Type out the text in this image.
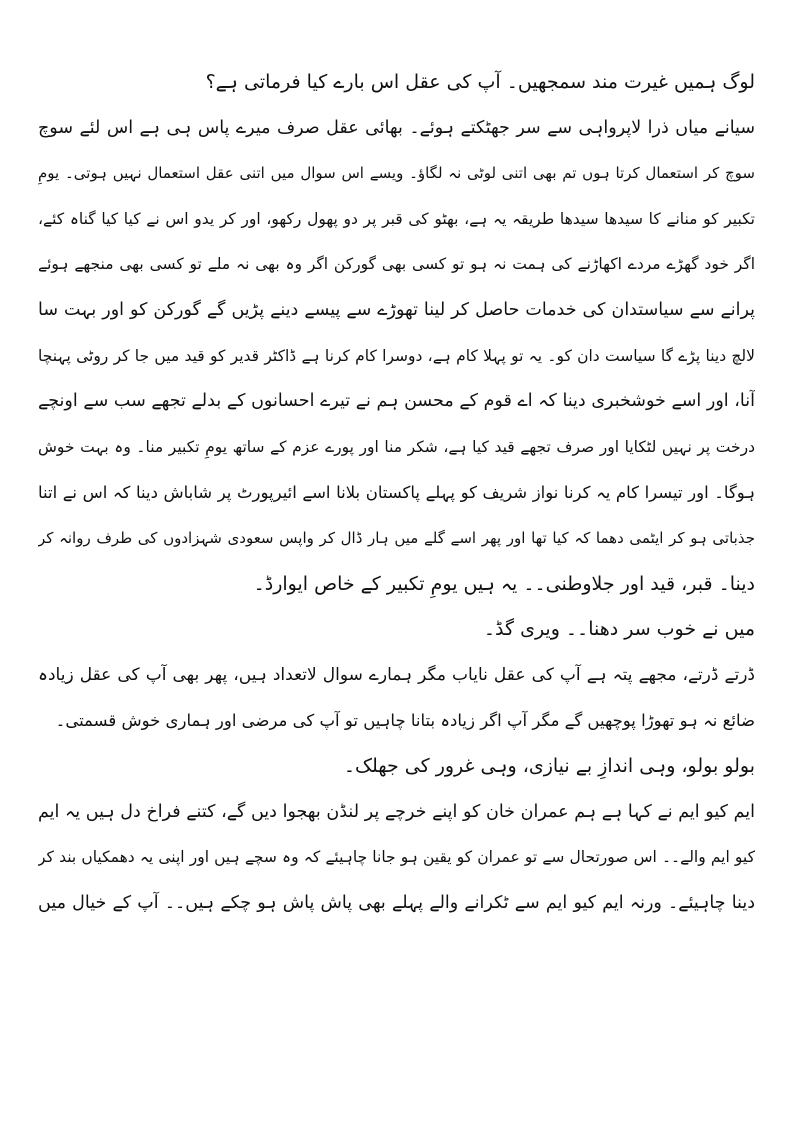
لوگ ہمیں غیرت مند سمجھیں۔ آپ کی عقل اس بارے کیا فرماتی ہے؟
سیانے میاں ذرا لاپرواہی سے سر جھٹکتے ہوئے۔ بھائی عقل صرف میرے پاس ہی ہے اس لئے سوچ
سوچ کر استعمال کرتا ہوں تم بھی اتنی لوٹی نہ لگاؤ۔ ویسے اس سوال میں اتنی عقل استعمال نہیں ہوتی۔ یومِ
تکبیر کو منانے کا سیدھا سیدھا طریقہ یہ ہے، بھٹو کی قبر پر دو پھول رکھو، اور کر یدو اس نے کیا کیا گناہ کئے،
اگر خود گھڑے مردے اکھاڑنے کی ہمت نہ ہو تو کسی بھی گورکن اگر وہ بھی نہ ملے تو کسی بھی منجھے ہوئے
پرانے سے سیاستدان کی خدمات حاصل کر لینا تھوڑے سے پیسے دینے پڑیں گے گورکن کو اور بہت سا
لالچ دینا پڑے گا سیاست دان کو۔ یہ تو پہلا کام ہے، دوسرا کام کرنا ہے ڈاکٹر قدیر کو قید میں جا کر روٹی پہنچا
آنا، اور اسے خوشخبری دینا کہ اے قوم کے محسن ہم نے تیرے احسانوں کے بدلے تجھے سب سے اونچے
درخت پر نہیں لٹکایا اور صرف تجھے قید کیا ہے، شکر منا اور پورے عزم کے ساتھ یومِ تکبیر منا۔ وہ بہت خوش
ہوگا۔ اور تیسرا کام یہ کرنا نواز شریف کو پہلے پاکستان بلانا اسے ائیرپورٹ پر شاباش دینا کہ اس نے اتنا
جذباتی ہو کر ایٹمی دھما کہ کیا تھا اور پھر اسے گلے میں ہار ڈال کر واپس سعودی شہزادوں کی طرف روانہ کر
دینا۔ قبر، قید اور جلاوطنی۔۔ یہ ہیں یومِ تکبیر کے خاص ایوارڈ۔
میں نے خوب سر دھنا۔۔ ویری گڈ۔
ڈرتے ڈرتے، مجھے پتہ ہے آپ کی عقل نایاب مگر ہمارے سوال لاتعداد ہیں، پھر بھی آپ کی عقل زیادہ
ضائع نہ ہو تھوڑا پوچھیں گے مگر آپ اگر زیادہ بتانا چاہیں تو آپ کی مرضی اور ہماری خوش قسمتی۔
بولو بولو، وہی اندازِ بے نیازی، وہی غرور کی جھلک۔
ایم کیو ایم نے کہا ہے ہم عمران خان کو اپنے خرچے پر لنڈن بھجوا دیں گے، کتنے فراخ دل ہیں یہ ایم
کیو ایم والے۔۔ اس صورتحال سے تو عمران کو یقین ہو جانا چاہیئے کہ وہ سچے ہیں اور اپنی یہ دھمکیاں بند کر
دینا چاہیئے۔ ورنہ ایم کیو ایم سے ٹکرانے والے پہلے بھی پاش پاش ہو چکے ہیں۔۔ آپ کے خیال میں
